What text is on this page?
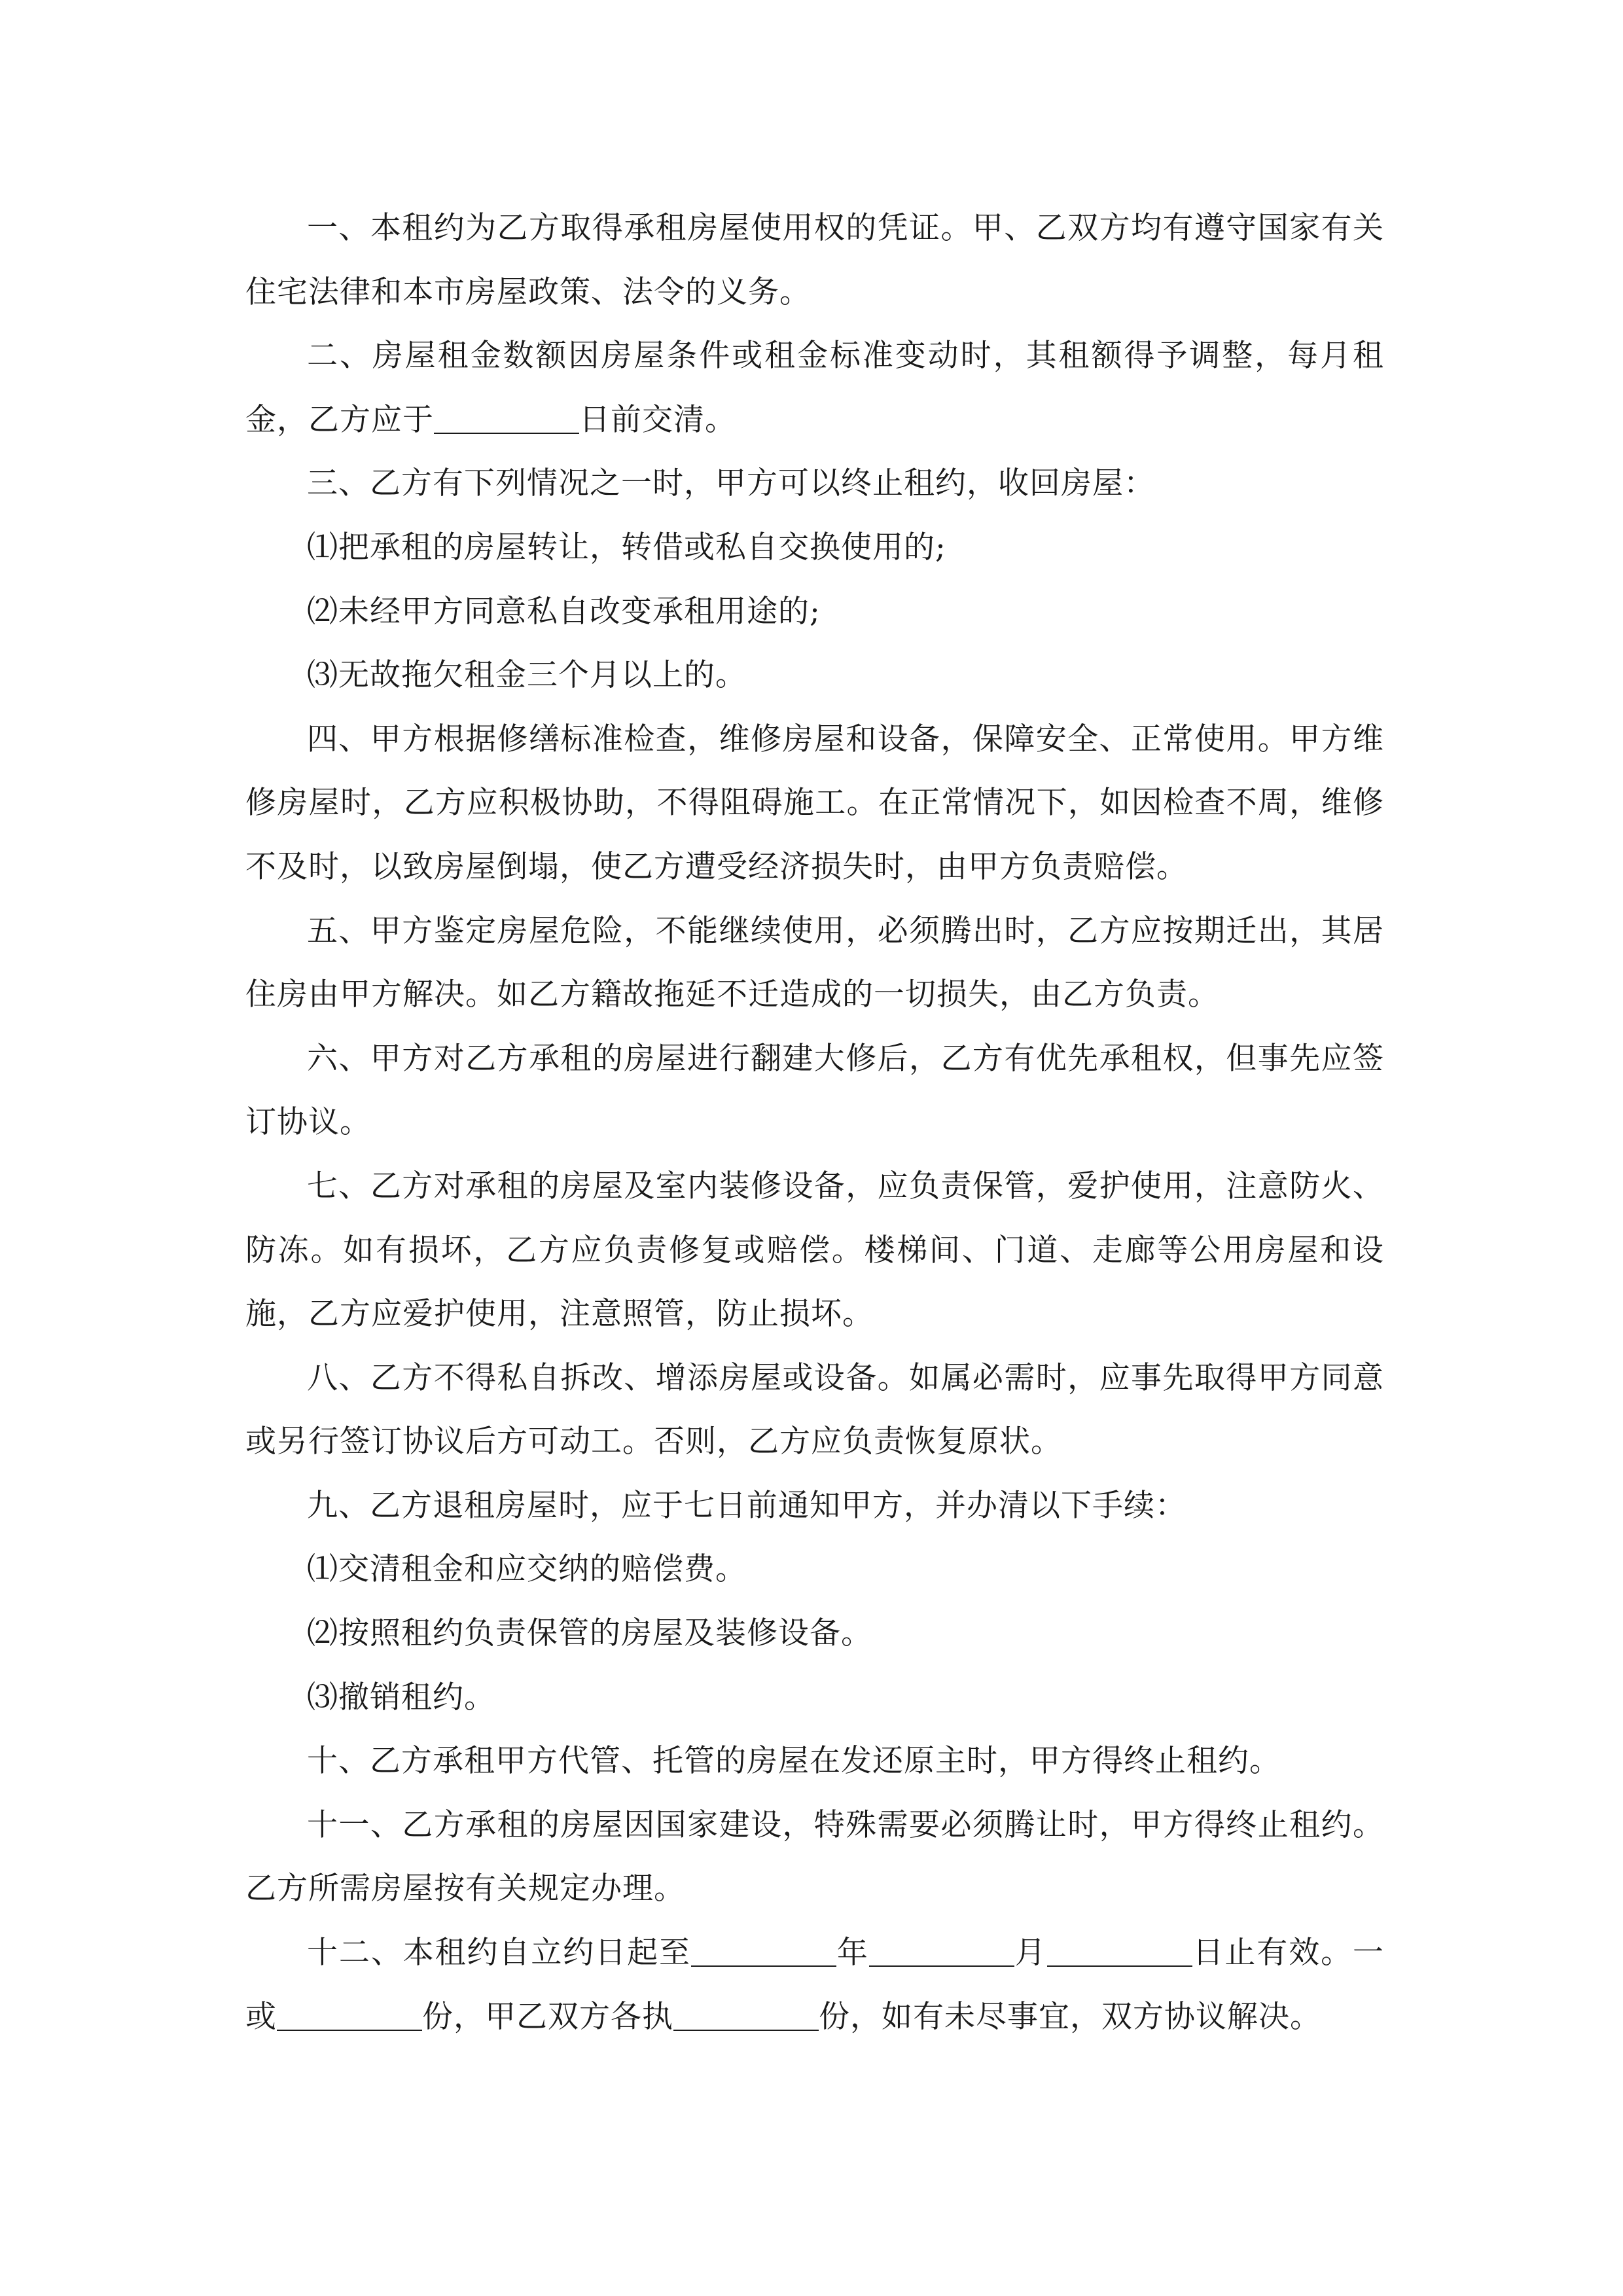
一、本租约为乙方取得承租房屋使用权的凭证。甲、乙双方均有遵守国家有关住宅法律和本市房屋政策、法令的义务。

二、房屋租金数额因房屋条件或租金标准变动时，其租额得予调整，每月租金，乙方应于	日前交清。

三、乙方有下列情况之一时，甲方可以终止租约，收回房屋：

⑴把承租的房屋转让，转借或私自交换使用的;

⑵未经甲方同意私自改变承租用途的;

⑶无故拖欠租金三个月以上的。

四、甲方根据修缮标准检查，维修房屋和设备，保障安全、正常使用。甲方维修房屋时，乙方应积极协助，不得阻碍施工。在正常情况下，如因检查不周，维修不及时，以致房屋倒塌，使乙方遭受经济损失时，由甲方负责赔偿。

五、甲方鉴定房屋危险，不能继续使用，必须腾出时，乙方应按期迁出，其居住房由甲方解决。如乙方籍故拖延不迁造成的一切损失，由乙方负责。

六、甲方对乙方承租的房屋进行翻建大修后，乙方有优先承租权，但事先应签订协议。

七、乙方对承租的房屋及室内装修设备，应负责保管，爱护使用，注意防火、防冻。如有损坏，乙方应负责修复或赔偿。楼梯间、门道、走廊等公用房屋和设施，乙方应爱护使用，注意照管，防止损坏。

八、乙方不得私自拆改、增添房屋或设备。如属必需时，应事先取得甲方同意或另行签订协议后方可动工。否则，乙方应负责恢复原状。

九、乙方退租房屋时，应于七日前通知甲方，并办清以下手续：

⑴交清租金和应交纳的赔偿费。

⑵按照租约负责保管的房屋及装修设备。

⑶撤销租约。

十、乙方承租甲方代管、托管的房屋在发还原主时，甲方得终止租约。

十一、乙方承租的房屋因国家建设，特殊需要必须腾让时，甲方得终止租约。乙方所需房屋按有关规定办理。

十二、本租约自立约日起至	年	月	日止有效。一或	份，甲乙双方各执	份，如有未尽事宜，双方协议解决。
